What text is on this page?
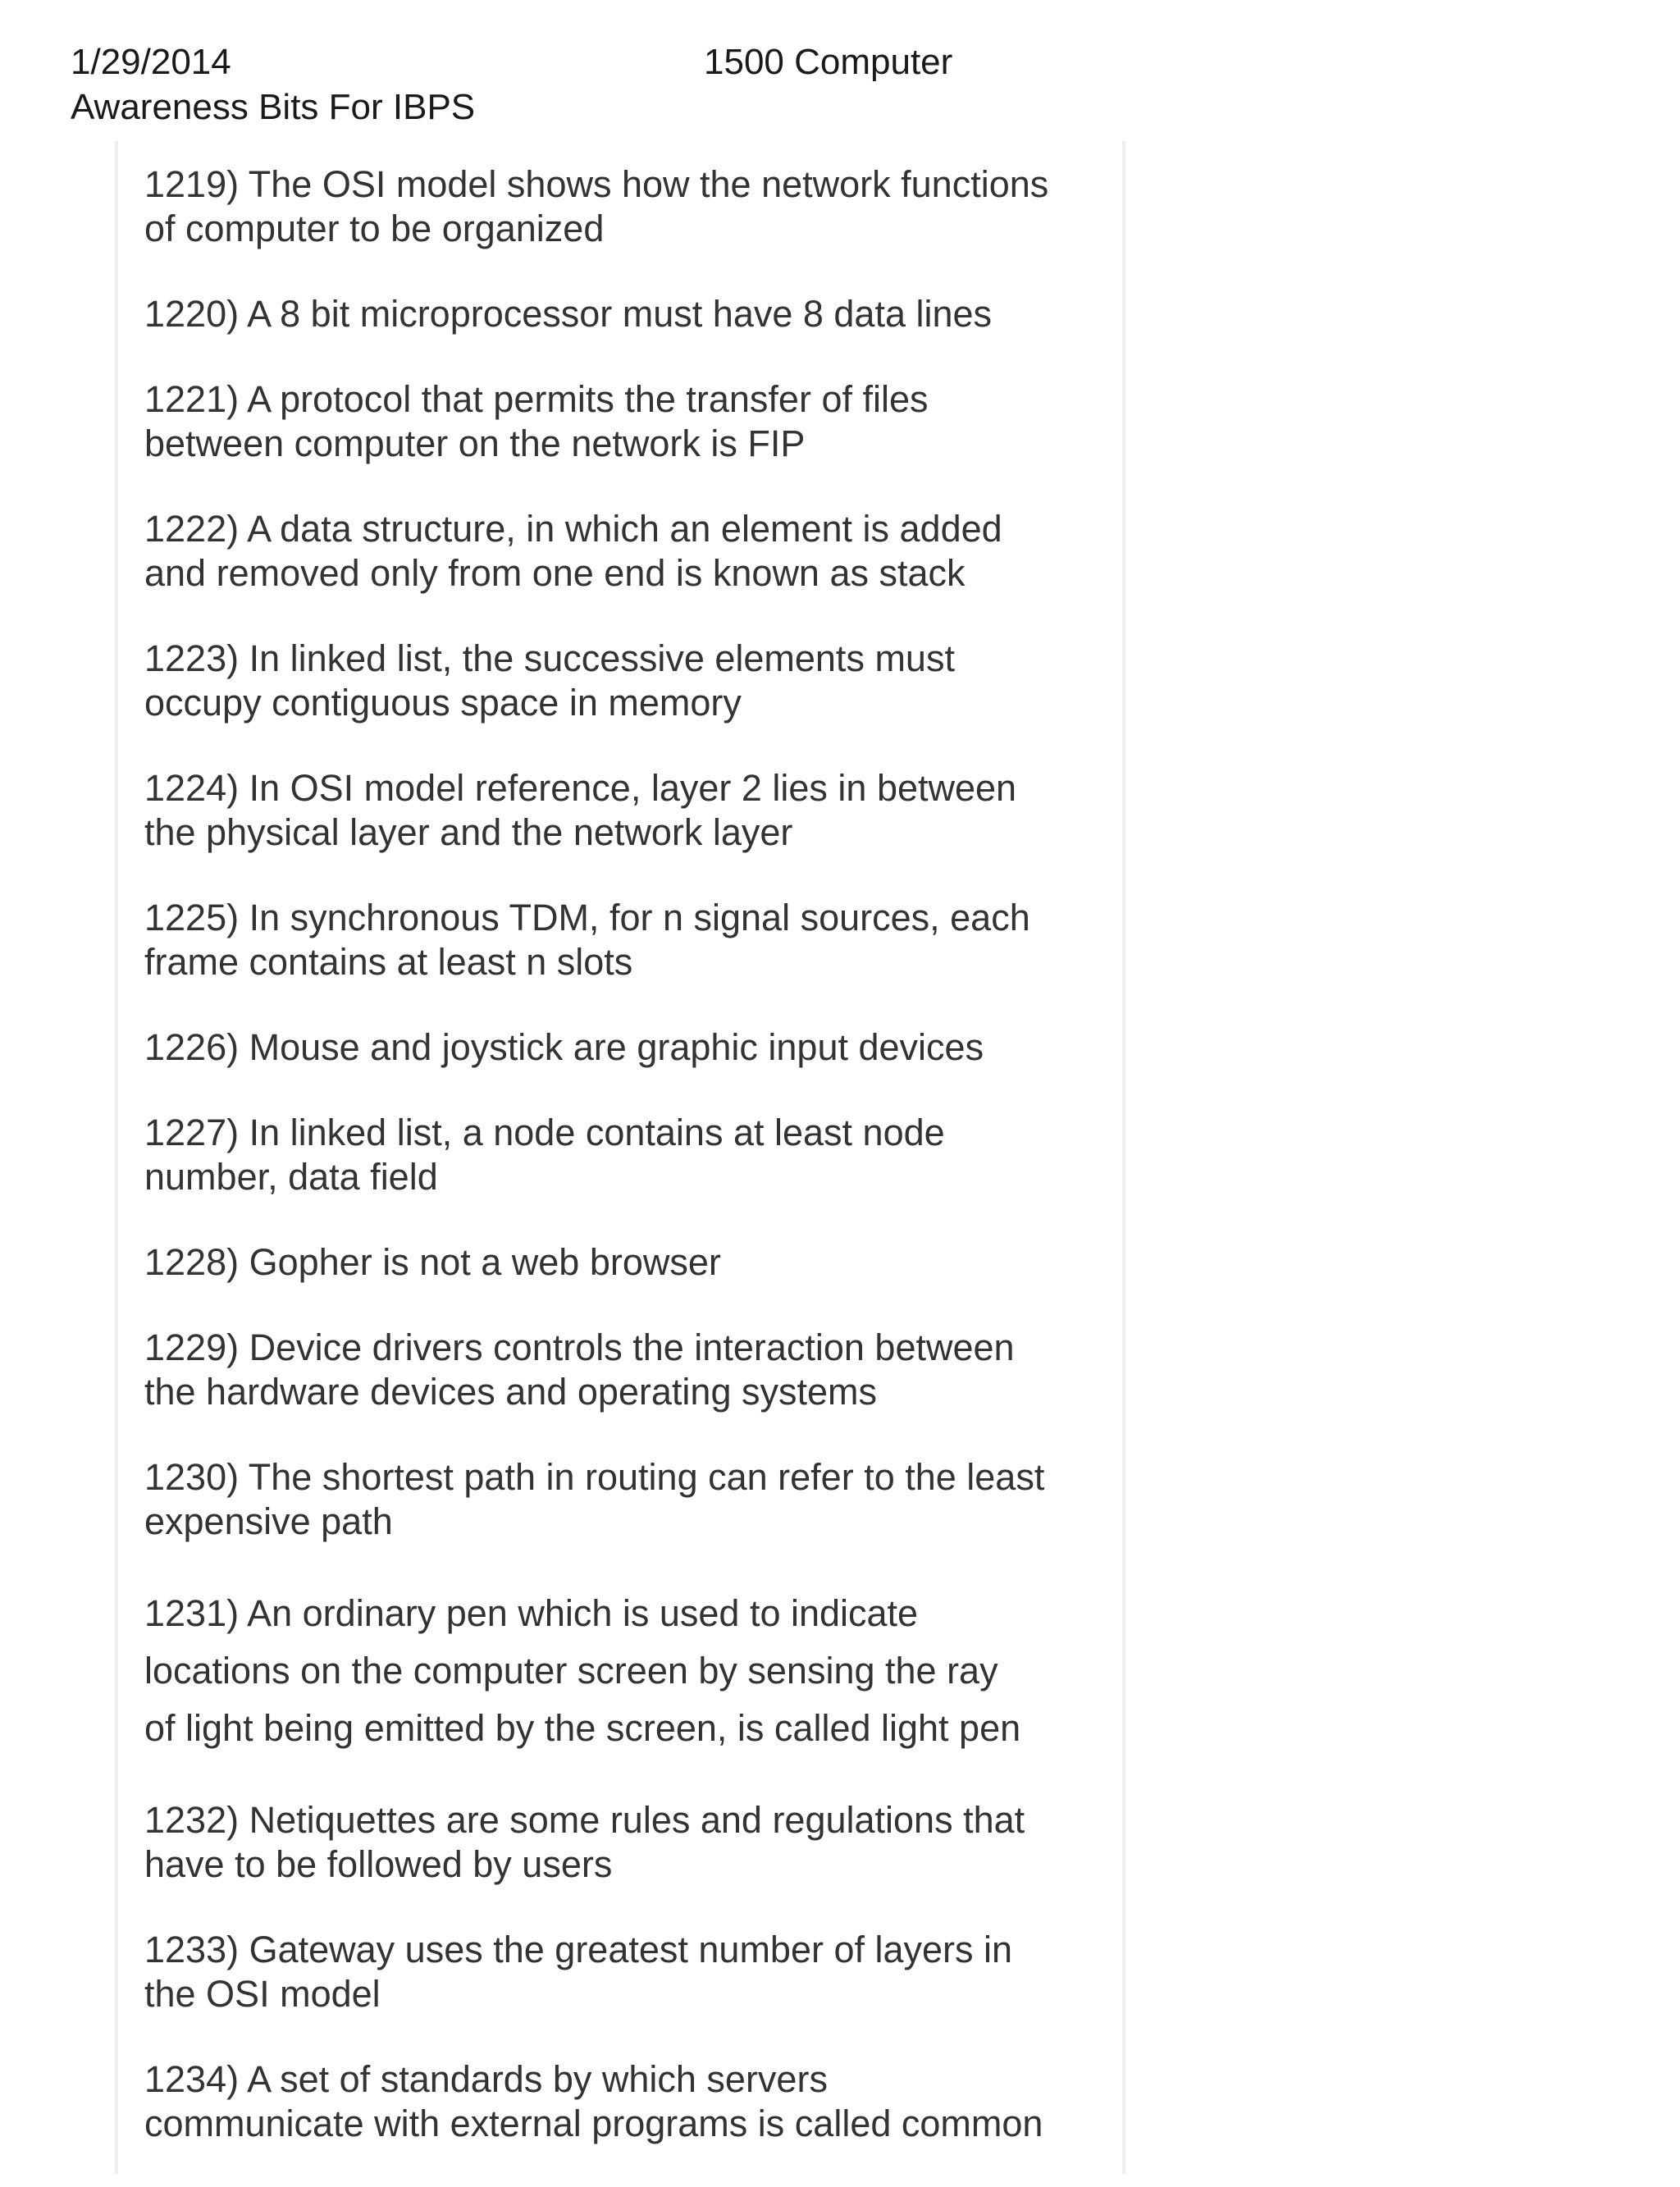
1/29/2014	1500 Computer
Awareness Bits For IBPS
1219) The OSI model shows how the network functions
of computer to be organized
1220) A 8 bit microprocessor must have 8 data lines
1221) A protocol that permits the transfer of files
between computer on the network is FIP
1222) A data structure, in which an element is added
and removed only from one end is known as stack
1223) In linked list, the successive elements must
occupy contiguous space in memory
1224) In OSI model reference, layer 2 lies in between
the physical layer and the network layer
1225) In synchronous TDM, for n signal sources, each
frame contains at least n slots
1226) Mouse and joystick are graphic input devices
1227) In linked list, a node contains at least node
number, data field
1228) Gopher is not a web browser
1229) Device drivers controls the interaction between
the hardware devices and operating systems
1230) The shortest path in routing can refer to the least
expensive path
1231) An ordinary pen which is used to indicate
locations on the computer screen by sensing the ray
of light being emitted by the screen, is called light pen
1232) Netiquettes are some rules and regulations that
have to be followed by users
1233) Gateway uses the greatest number of layers in
the OSI model
1234) A set of standards by which servers
communicate with external programs is called common
